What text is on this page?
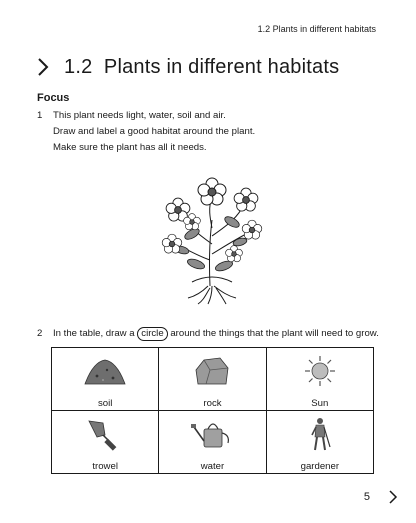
1.2 Plants in different habitats
1.2  Plants in different habitats
Focus
1 This plant needs light, water, soil and air.
Draw and label a good habitat around the plant.
Make sure the plant has all it needs.
2 In the table, draw a circle around the things that the plant will need to grow.
soil	rock	Sun

trowel	water	gardener
5
